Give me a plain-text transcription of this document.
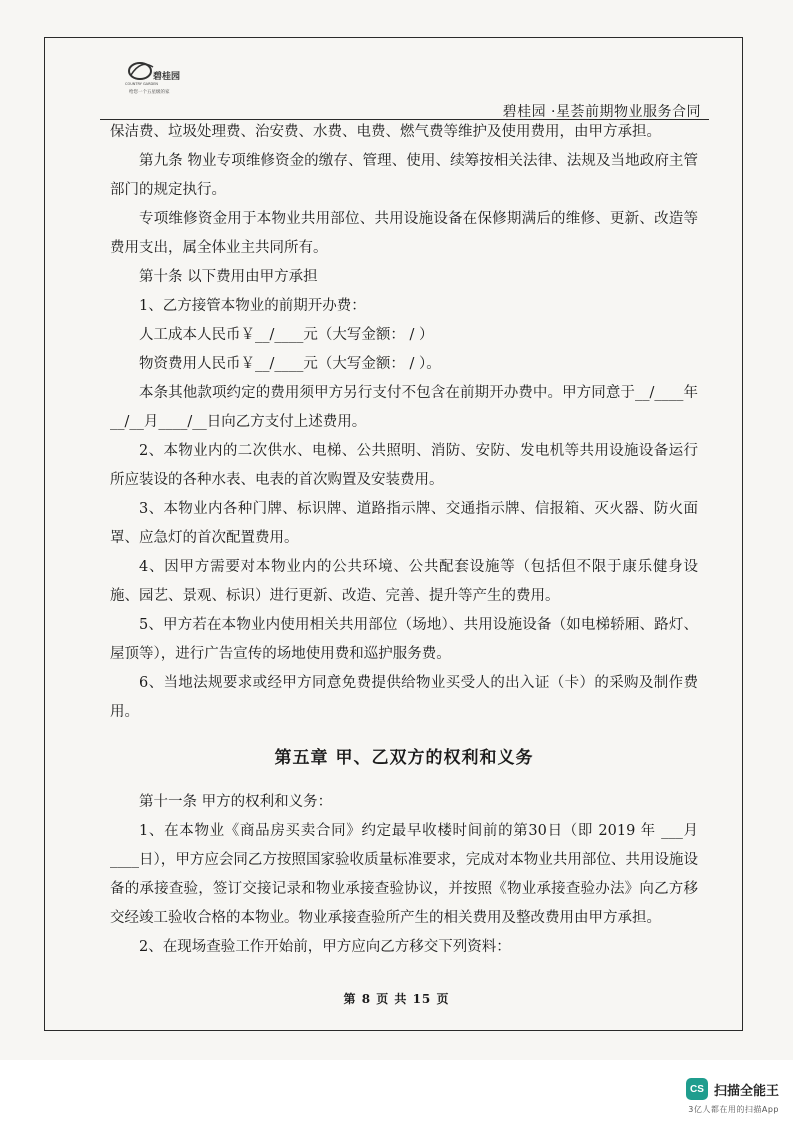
碧桂园
COUNTRY GARDEN
给您一个五星级的家
碧桂园 ·星荟前期物业服务合同

保洁费、垃圾处理费、治安费、水费、电费、燃气费等维护及使用费用，由甲方承担。

第九条 物业专项维修资金的缴存、管理、使用、续筹按相关法律、法规及当地政府主管部门的规定执行。

专项维修资金用于本物业共用部位、共用设施设备在保修期满后的维修、更新、改造等费用支出，属全体业主共同所有。

第十条 以下费用由甲方承担

1、乙方接管本物业的前期开办费：

人工成本人民币￥__/____元（大写金额： / ）

物资费用人民币￥__/____元（大写金额： / ）。

本条其他款项约定的费用须甲方另行支付不包含在前期开办费中。甲方同意于__/____年__/__月____/__日向乙方支付上述费用。

2、本物业内的二次供水、电梯、公共照明、消防、安防、发电机等共用设施设备运行所应装设的各种水表、电表的首次购置及安装费用。

3、本物业内各种门牌、标识牌、道路指示牌、交通指示牌、信报箱、灭火器、防火面罩、应急灯的首次配置费用。

4、因甲方需要对本物业内的公共环境、公共配套设施等（包括但不限于康乐健身设施、园艺、景观、标识）进行更新、改造、完善、提升等产生的费用。

5、甲方若在本物业内使用相关共用部位（场地）、共用设施设备（如电梯轿厢、路灯、屋顶等），进行广告宣传的场地使用费和巡护服务费。

6、当地法规要求或经甲方同意免费提供给物业买受人的出入证（卡）的采购及制作费用。

第五章 甲、乙双方的权利和义务

第十一条 甲方的权利和义务：

1、在本物业《商品房买卖合同》约定最早收楼时间前的第30日（即 2019 年 ___月____日），甲方应会同乙方按照国家验收质量标准要求，完成对本物业共用部位、共用设施设备的承接查验，签订交接记录和物业承接查验协议，并按照《物业承接查验办法》向乙方移交经竣工验收合格的本物业。物业承接查验所产生的相关费用及整改费用由甲方承担。

2、在现场查验工作开始前，甲方应向乙方移交下列资料：

第 8 页 共 15 页
CS 扫描全能王
3亿人都在用的扫描App
